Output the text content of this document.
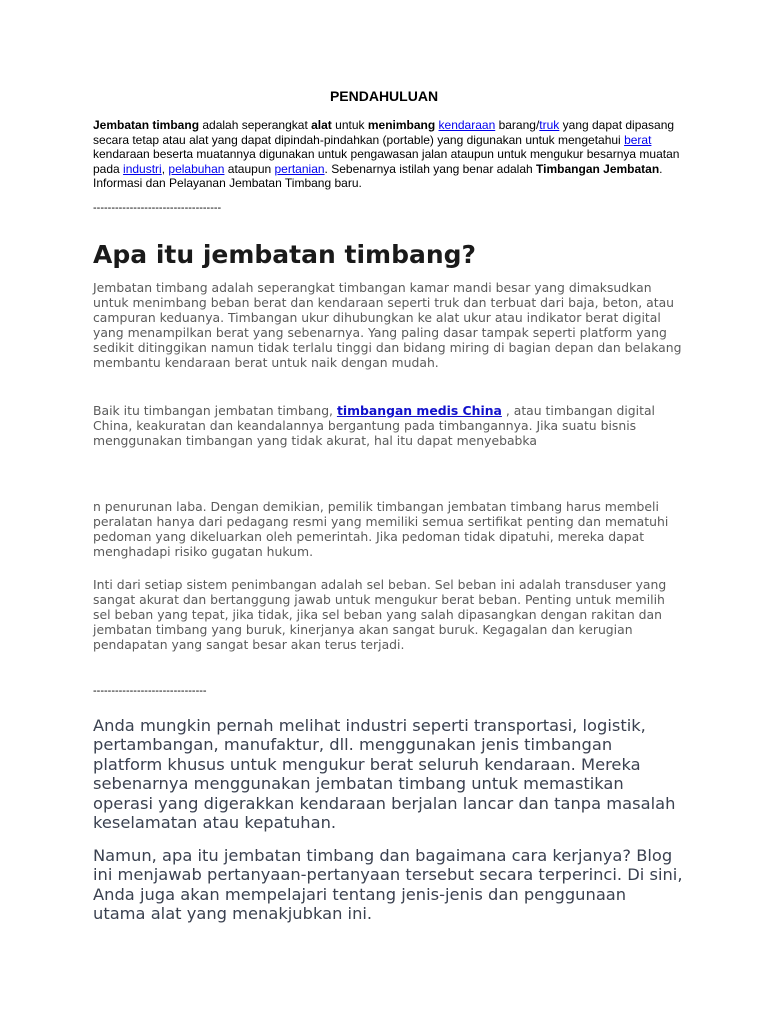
PENDAHULUAN
Jembatan timbang adalah seperangkat alat untuk menimbang kendaraan barang/truk yang dapat dipasang secara tetap atau alat yang dapat dipindah-pindahkan (portable) yang digunakan untuk mengetahui berat kendaraan beserta muatannya digunakan untuk pengawasan jalan ataupun untuk mengukur besarnya muatan pada industri, pelabuhan ataupun pertanian. Sebenarnya istilah yang benar adalah Timbangan Jembatan. Informasi dan Pelayanan Jembatan Timbang baru.
-----------------------------------
Apa itu jembatan timbang?
Jembatan timbang adalah seperangkat timbangan kamar mandi besar yang dimaksudkan untuk menimbang beban berat dan kendaraan seperti truk dan terbuat dari baja, beton, atau campuran keduanya. Timbangan ukur dihubungkan ke alat ukur atau indikator berat digital yang menampilkan berat yang sebenarnya. Yang paling dasar tampak seperti platform yang sedikit ditinggikan namun tidak terlalu tinggi dan bidang miring di bagian depan dan belakang membantu kendaraan berat untuk naik dengan mudah.
Baik itu timbangan jembatan timbang, timbangan medis China , atau timbangan digital China, keakuratan dan keandalannya bergantung pada timbangannya. Jika suatu bisnis menggunakan timbangan yang tidak akurat, hal itu dapat menyebabka
n penurunan laba. Dengan demikian, pemilik timbangan jembatan timbang harus membeli peralatan hanya dari pedagang resmi yang memiliki semua sertifikat penting dan mematuhi pedoman yang dikeluarkan oleh pemerintah. Jika pedoman tidak dipatuhi, mereka dapat menghadapi risiko gugatan hukum.
Inti dari setiap sistem penimbangan adalah sel beban. Sel beban ini adalah transduser yang sangat akurat dan bertanggung jawab untuk mengukur berat beban. Penting untuk memilih sel beban yang tepat, jika tidak, jika sel beban yang salah dipasangkan dengan rakitan dan jembatan timbang yang buruk, kinerjanya akan sangat buruk. Kegagalan dan kerugian pendapatan yang sangat besar akan terus terjadi.
-------------------------------
Anda mungkin pernah melihat industri seperti transportasi, logistik, pertambangan, manufaktur, dll. menggunakan jenis timbangan platform khusus untuk mengukur berat seluruh kendaraan. Mereka sebenarnya menggunakan jembatan timbang untuk memastikan operasi yang digerakkan kendaraan berjalan lancar dan tanpa masalah keselamatan atau kepatuhan.
Namun, apa itu jembatan timbang dan bagaimana cara kerjanya? Blog ini menjawab pertanyaan-pertanyaan tersebut secara terperinci. Di sini, Anda juga akan mempelajari tentang jenis-jenis dan penggunaan utama alat yang menakjubkan ini.
